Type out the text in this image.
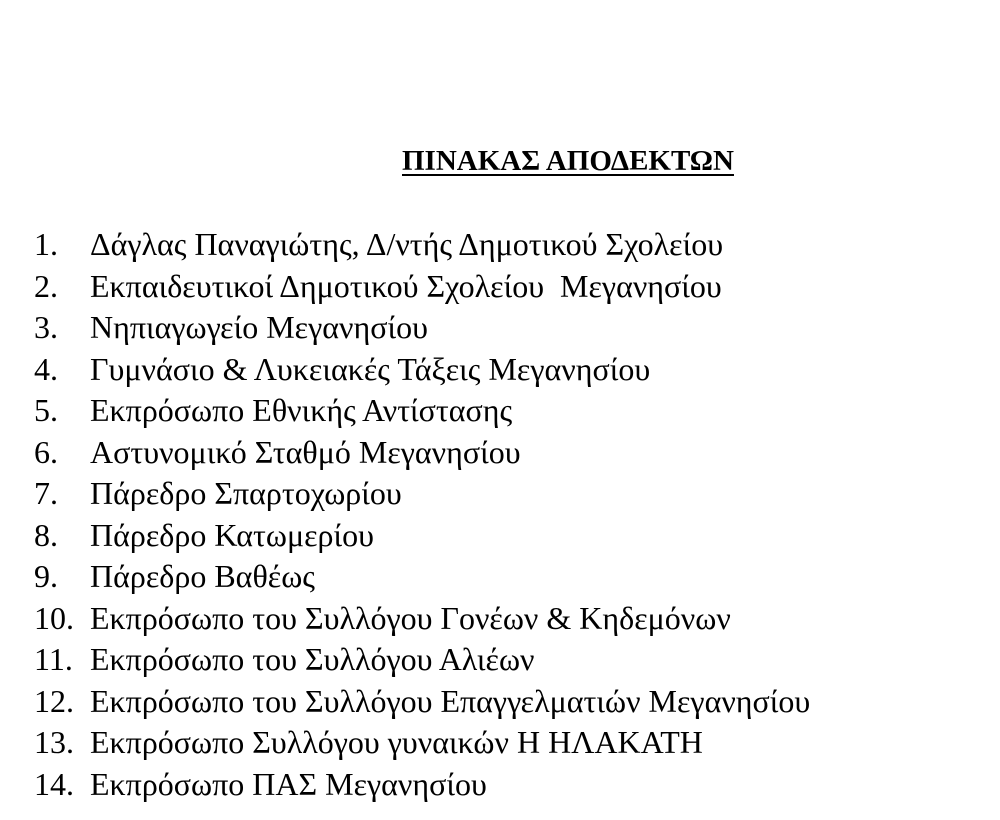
ΠΙΝΑΚΑΣ ΑΠΟΔΕΚΤΩΝ
1.	Δάγλας Παναγιώτης, Δ/ντής Δημοτικού Σχολείου
2.	Εκπαιδευτικοί Δημοτικού Σχολείου  Μεγανησίου
3.	Νηπιαγωγείο Μεγανησίου
4.	Γυμνάσιο & Λυκειακές Τάξεις Μεγανησίου
5.	Εκπρόσωπο Εθνικής Αντίστασης
6.	Αστυνομικό Σταθμό Μεγανησίου
7.	Πάρεδρο Σπαρτοχωρίου
8.	Πάρεδρο Κατωμερίου
9.	Πάρεδρο Βαθέως
10. Εκπρόσωπο του Συλλόγου Γονέων & Κηδεμόνων
11. Εκπρόσωπο του Συλλόγου Αλιέων
12. Εκπρόσωπο του Συλλόγου Επαγγελματιών Μεγανησίου
13. Εκπρόσωπο Συλλόγου γυναικών Η ΗΛΑΚΑΤΗ
14. Εκπρόσωπο ΠΑΣ Μεγανησίου
